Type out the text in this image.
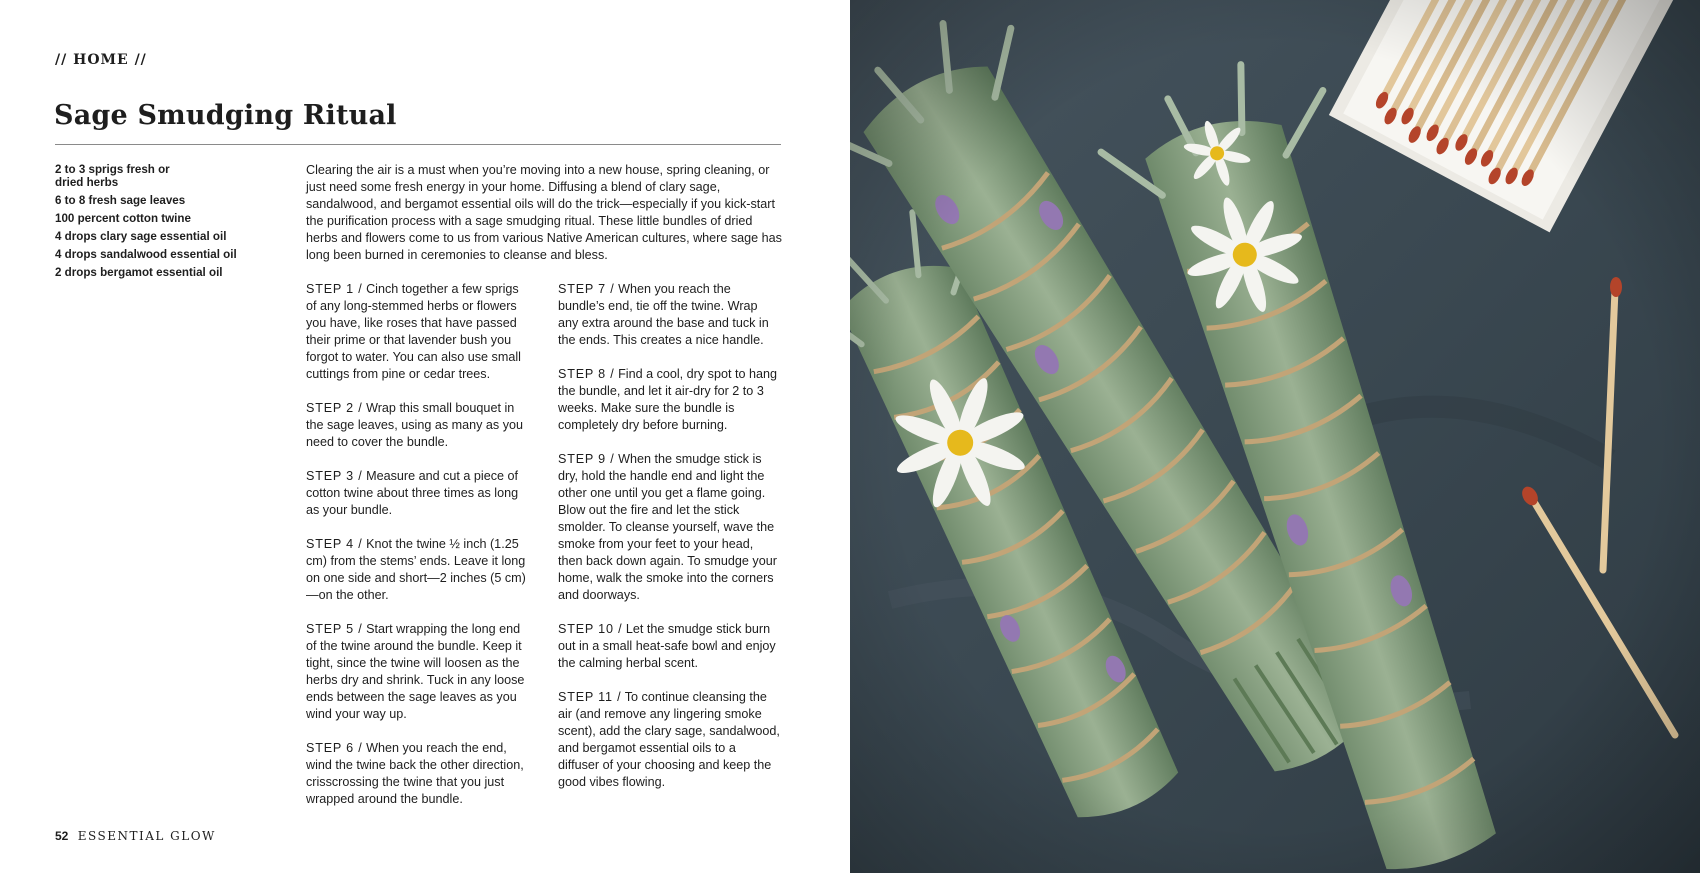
// HOME //
Sage Smudging Ritual
2 to 3 sprigs fresh or dried herbs
6 to 8 fresh sage leaves
100 percent cotton twine
4 drops clary sage essential oil
4 drops sandalwood essential oil
2 drops bergamot essential oil

Clearing the air is a must when you’re moving into a new house, spring cleaning, or just need some fresh energy in your home. Diffusing a blend of clary sage, sandalwood, and bergamot essential oils will do the trick—especially if you kick-start the purification process with a sage smudging ritual. These little bundles of dried herbs and flowers come to us from various Native American cultures, where sage has long been burned in ceremonies to cleanse and bless.

STEP 1 / Cinch together a few sprigs of any long-stemmed herbs or flowers you have, like roses that have passed their prime or that lavender bush you forgot to water. You can also use small cuttings from pine or cedar trees.

STEP 2 / Wrap this small bouquet in the sage leaves, using as many as you need to cover the bundle.

STEP 3 / Measure and cut a piece of cotton twine about three times as long as your bundle.

STEP 4 / Knot the twine ½ inch (1.25 cm) from the stems’ ends. Leave it long on one side and short—2 inches (5 cm)—on the other.

STEP 5 / Start wrapping the long end of the twine around the bundle. Keep it tight, since the twine will loosen as the herbs dry and shrink. Tuck in any loose ends between the sage leaves as you wind your way up.

STEP 6 / When you reach the end, wind the twine back the other direction, crisscrossing the twine that you just wrapped around the bundle.

STEP 7 / When you reach the bundle’s end, tie off the twine. Wrap any extra around the base and tuck in the ends. This creates a nice handle.

STEP 8 / Find a cool, dry spot to hang the bundle, and let it air-dry for 2 to 3 weeks. Make sure the bundle is completely dry before burning.

STEP 9 / When the smudge stick is dry, hold the handle end and light the other one until you get a flame going. Blow out the fire and let the stick smolder. To cleanse yourself, wave the smoke from your feet to your head, then back down again. To smudge your home, walk the smoke into the corners and doorways.

STEP 10 / Let the smudge stick burn out in a small heat-safe bowl and enjoy the calming herbal scent.

STEP 11 / To continue cleansing the air (and remove any lingering smoke scent), add the clary sage, sandalwood, and bergamot essential oils to a diffuser of your choosing and keep the good vibes flowing.

52 ESSENTIAL GLOW
